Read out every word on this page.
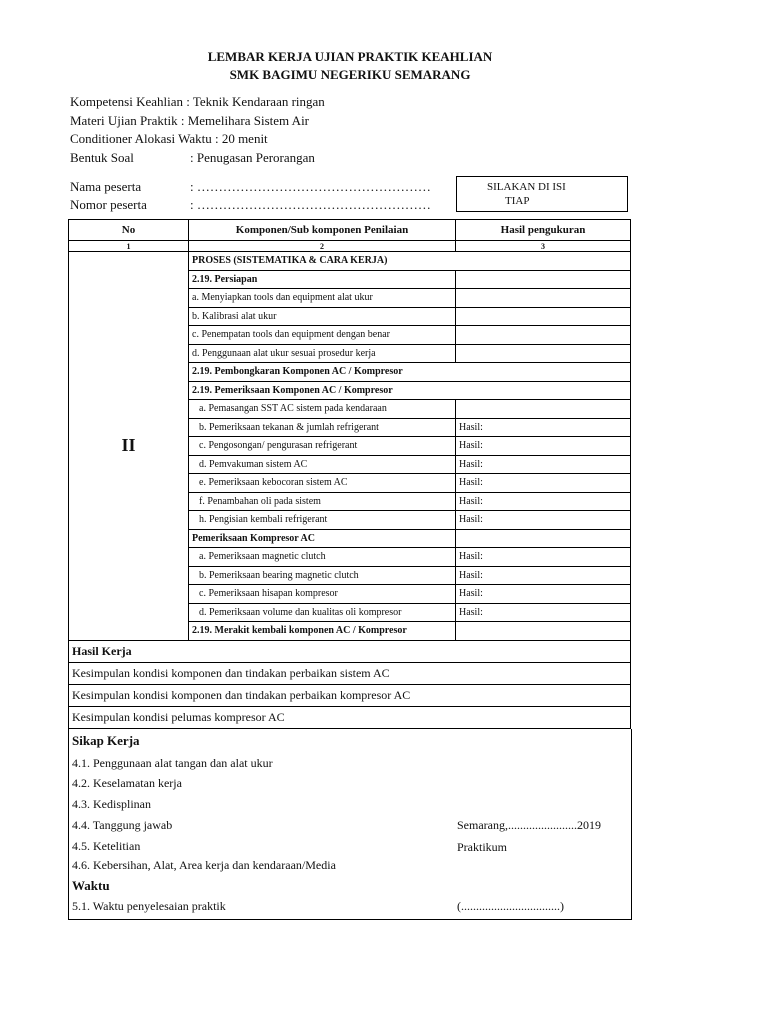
LEMBAR KERJA UJIAN PRAKTIK KEAHLIAN
SMK BAGIMU NEGERIKU SEMARANG
Kompetensi Keahlian : Teknik Kendaraan ringan
Materi Ujian Praktik : Memelihara Sistem Air
Conditioner Alokasi Waktu : 20 menit
Bentuk Soal	: Penugasan Perorangan
Nama peserta	: ………………………………………………
Nomor peserta	: ………………………………………………
SILAKAN DI ISI
TIAP
No	Komponen/Sub komponen Penilaian	Hasil pengukuran
1	2	3
II	PROSES (SISTEMATIKA & CARA KERJA)	
	2.19. Persiapan	
	a. Menyiapkan tools dan equipment alat ukur	
	b. Kalibrasi alat ukur	
	c. Penempatan tools dan equipment dengan benar	
	d. Penggunaan alat ukur sesuai prosedur kerja	
	2.19. Pembongkaran Komponen AC / Kompresor	
	2.19. Pemeriksaan Komponen AC / Kompresor	
	a. Pemasangan SST AC sistem pada kendaraan	
	b. Pemeriksaan tekanan & jumlah refrigerant	Hasil:
	c. Pengosongan/ pengurasan refrigerant	Hasil:
	d. Pemvakuman sistem AC	Hasil:
	e. Pemeriksaan kebocoran sistem AC	Hasil:
	f. Penambahan oli pada sistem	Hasil:
	h. Pengisian kembali refrigerant	Hasil:
	Pemeriksaan Kompresor AC	
	a. Pemeriksaan magnetic clutch	Hasil:
	b. Pemeriksaan bearing magnetic clutch	Hasil:
	c. Pemeriksaan hisapan kompresor	Hasil:
	d. Pemeriksaan volume dan kualitas oli kompresor	Hasil:
	2.19. Merakit kembali komponen AC / Kompresor	
Hasil Kerja		
Kesimpulan kondisi komponen dan tindakan perbaikan sistem AC		
Kesimpulan kondisi komponen dan tindakan perbaikan kompresor AC		
Kesimpulan kondisi pelumas kompresor AC		
Sikap Kerja
4.1. Penggunaan alat tangan dan alat ukur
4.2. Keselamatan kerja
4.3. Kedisplinan
4.4. Tanggung jawab
4.5. Ketelitian
4.6. Kebersihan, Alat, Area kerja dan kendaraan/Media
Waktu
5.1. Waktu penyelesaian praktik
Semarang,.......................2019
Praktikum
(.................................)
